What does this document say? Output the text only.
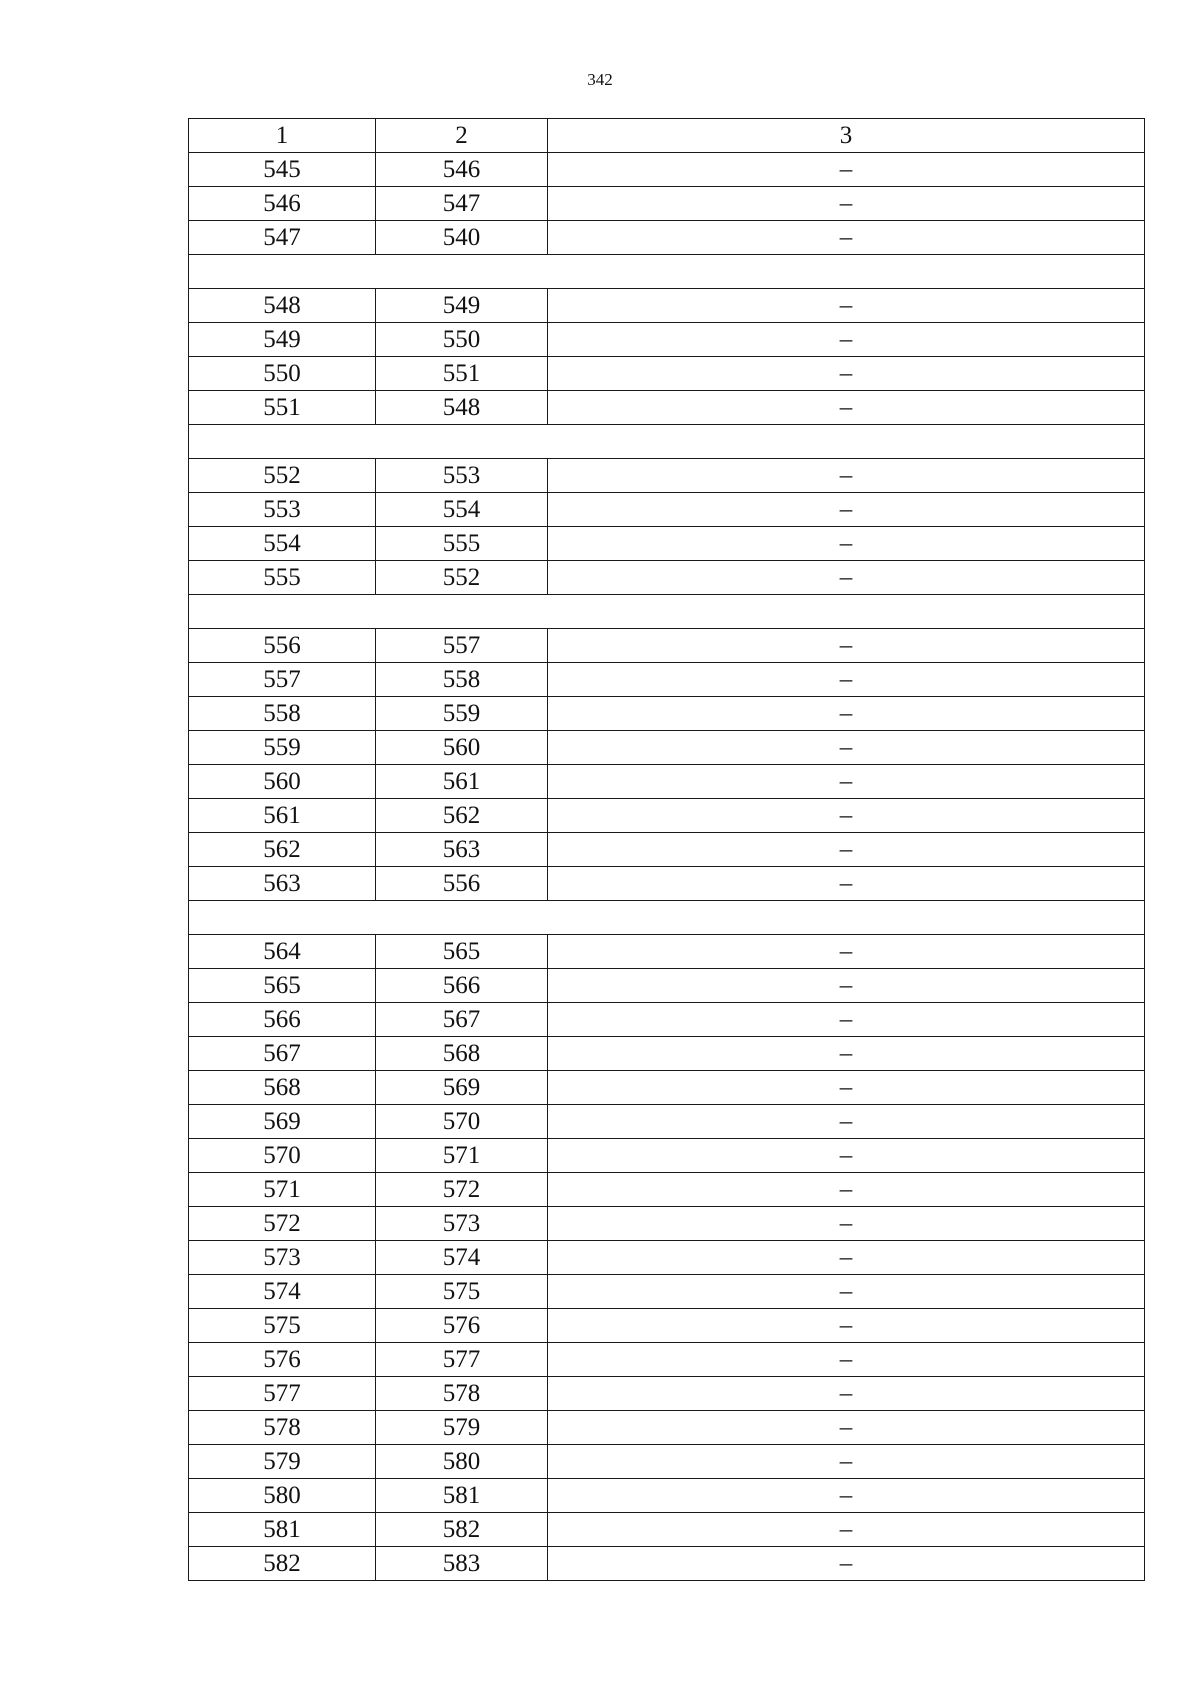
342
1	2	3
545	546	–
546	547	–
547	540	–

548	549	–
549	550	–
550	551	–
551	548	–

552	553	–
553	554	–
554	555	–
555	552	–

556	557	–
557	558	–
558	559	–
559	560	–
560	561	–
561	562	–
562	563	–
563	556	–

564	565	–
565	566	–
566	567	–
567	568	–
568	569	–
569	570	–
570	571	–
571	572	–
572	573	–
573	574	–
574	575	–
575	576	–
576	577	–
577	578	–
578	579	–
579	580	–
580	581	–
581	582	–
582	583	–
